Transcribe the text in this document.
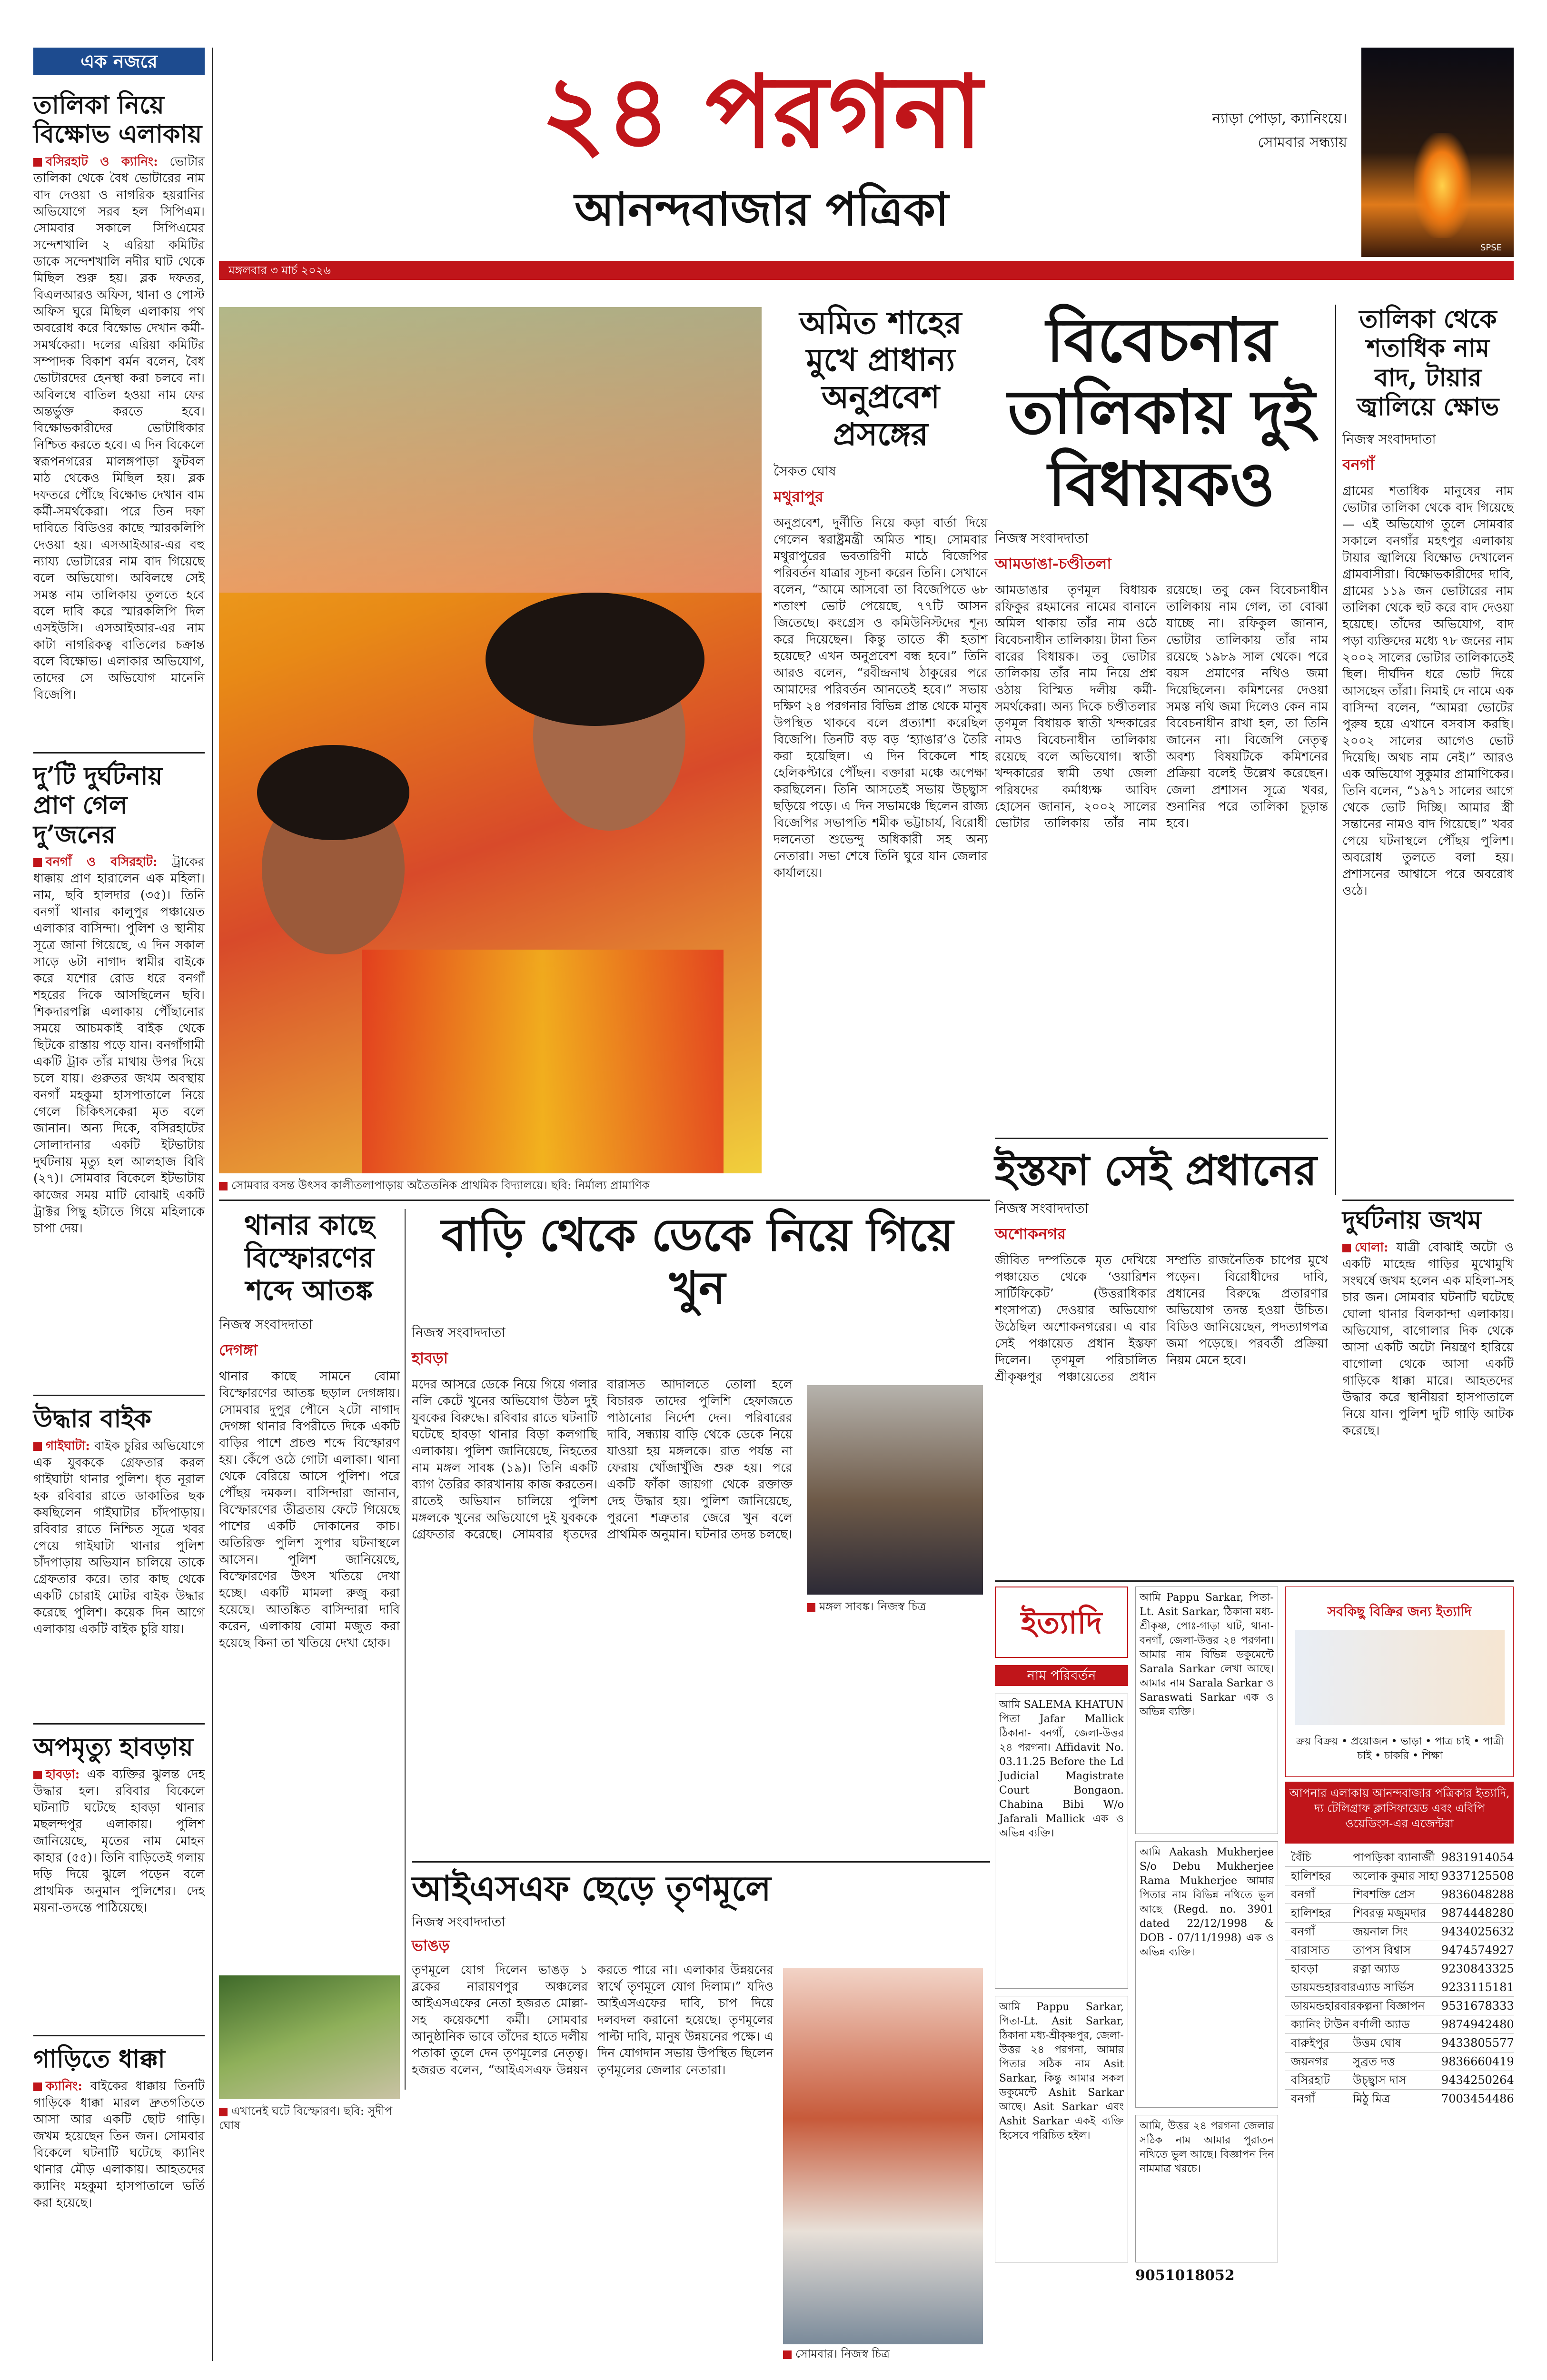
এক নজরে
তালিকা নিয়ে বিক্ষোভ এলাকায়
বসিরহাট ও ক্যানিং: ভোটার তালিকা থেকে বৈধ ভোটারের নাম বাদ দেওয়া ও নাগরিক হয়রানির অভিযোগে সরব হল সিপিএম। সোমবার সকালে সিপিএমের সন্দেশখালি ২ এরিয়া কমিটির ডাকে সন্দেশখালি নদীর ঘাট থেকে মিছিল শুরু হয়। ব্লক দফতর, বিএলআরও অফিস, থানা ও পোস্ট অফিস ঘুরে মিছিল এলাকায় পথ অবরোধ করে বিক্ষোভ দেখান কর্মী-সমর্থকেরা। দলের এরিয়া কমিটির সম্পাদক বিকাশ বর্মন বলেন, বৈধ ভোটারদের হেনস্থা করা চলবে না। অবিলম্বে বাতিল হওয়া নাম ফের অন্তর্ভুক্ত করতে হবে। বিক্ষোভকারীদের ভোটাধিকার নিশ্চিত করতে হবে। এ দিন বিকেলে স্বরূপনগরের মালঙ্গপাড়া ফুটবল মাঠ থেকেও মিছিল হয়। ব্লক দফতরে পৌঁছে বিক্ষোভ দেখান বাম কর্মী-সমর্থকেরা। পরে তিন দফা দাবিতে বিডিওর কাছে স্মারকলিপি দেওয়া হয়। এসআইআর-এর বহু ন্যায্য ভোটারের নাম বাদ গিয়েছে বলে অভিযোগ। অবিলম্বে সেই সমস্ত নাম তালিকায় তুলতে হবে বলে দাবি করে স্মারকলিপি দিল এসইউসি। এসআইআর-এর নাম কাটা নাগরিকত্ব বাতিলের চক্রান্ত বলে বিক্ষোভ। এলাকার অভিযোগ, তাদের সে অভিযোগ মানেনি বিজেপি।
দু’টি দুর্ঘটনায় প্রাণ গেল দু’জনের
বনগাঁ ও বসিরহাট: ট্রাকের ধাক্কায় প্রাণ হারালেন এক মহিলা। নাম, ছবি হালদার (৩৫)। তিনি বনগাঁ থানার কালুপুর পঞ্চায়েত এলাকার বাসিন্দা। পুলিশ ও স্থানীয় সূত্রে জানা গিয়েছে, এ দিন সকাল সাড়ে ৬টা নাগাদ স্বামীর বাইকে করে যশোর রোড ধরে বনগাঁ শহরের দিকে আসছিলেন ছবি। শিকদারপল্লি এলাকায় পৌঁছানোর সময়ে আচমকাই বাইক থেকে ছিটকে রাস্তায় পড়ে যান। বনগাঁগামী একটি ট্রাক তাঁর মাথায় উপর দিয়ে চলে যায়। গুরুতর জখম অবস্থায় বনগাঁ মহকুমা হাসপাতালে নিয়ে গেলে চিকিৎসকেরা মৃত বলে জানান। অন্য দিকে, বসিরহাটের সোলাদানার একটি ইটভাটায় দুর্ঘটনায় মৃত্যু হল আলহাজ বিবি (২৭)। সোমবার বিকেলে ইটভাটায় কাজের সময় মাটি বোঝাই একটি ট্রাক্টর পিছু হটাতে গিয়ে মহিলাকে চাপা দেয়।
উদ্ধার বাইক
গাইঘাটা: বাইক চুরির অভিযোগে এক যুবককে গ্রেফতার করল গাইঘাটা থানার পুলিশ। ধৃত নূরাল হক রবিবার রাতে ডাকাতির ছক কষছিলেন গাইঘাটার চাঁদপাড়ায়। রবিবার রাতে নিশ্চিত সূত্রে খবর পেয়ে গাইঘাটা থানার পুলিশ চাঁদপাড়ায় অভিযান চালিয়ে তাকে গ্রেফতার করে। তার কাছ থেকে একটি চোরাই মোটর বাইক উদ্ধার করেছে পুলিশ। কয়েক দিন আগে এলাকায় একটি বাইক চুরি যায়।
অপমৃত্যু হাবড়ায়
হাবড়া: এক ব্যক্তির ঝুলন্ত দেহ উদ্ধার হল। রবিবার বিকেলে ঘটনাটি ঘটেছে হাবড়া থানার মছলন্দপুর এলাকায়। পুলিশ জানিয়েছে, মৃতের নাম মোহন কাহার (৫৫)। তিনি বাড়িতেই গলায় দড়ি দিয়ে ঝুলে পড়েন বলে প্রাথমিক অনুমান পুলিশের। দেহ ময়না-তদন্তে পাঠিয়েছে।
গাড়িতে ধাক্কা
ক্যানিং: বাইকের ধাক্কায় তিনটি গাড়িকে ধাক্কা মারল দ্রুতগতিতে আসা আর একটি ছোট গাড়ি। জখম হয়েছেন তিন জন। সোমবার বিকেলে ঘটনাটি ঘটেছে ক্যানিং থানার মৌড় এলাকায়। আহতদের ক্যানিং মহকুমা হাসপাতালে ভর্তি করা হয়েছে।
২৪ পরগনা
আনন্দবাজার পত্রিকা
ন্যাড়া পোড়া, ক্যানিংয়ে।
সোমবার সন্ধ্যায়
SPSE
মঙ্গলবার ৩ মার্চ ২০২৬
সোমবার বসন্ত উৎসব কালীতলাপাড়ায় অতৈতনিক প্রাথমিক বিদ্যালয়ে। ছবি: নির্মাল্য প্রামাণিক
অমিত শাহের মুখে প্রাধান্য অনুপ্রবেশ প্রসঙ্গের
সৈকত ঘোষ
মথুরাপুর
অনুপ্রবেশ, দুর্নীতি নিয়ে কড়া বার্তা দিয়ে গেলেন স্বরাষ্ট্রমন্ত্রী অমিত শাহ। সোমবার মথুরাপুরের ভবতারিণী মাঠে বিজেপির পরিবর্তন যাত্রার সূচনা করেন তিনি। সেখানে বলেন, “আমে আসবো তা বিজেপিতে ৬৮ শতাংশ ভোট পেয়েছে, ৭৭টি আসন জিতেছে। কংগ্রেস ও কমিউনিস্টদের শূন্য করে দিয়েছেন। কিন্তু তাতে কী হতাশ হয়েছে? এখন অনুপ্রবেশ বন্ধ হবে।” তিনি আরও বলেন, “রবীন্দ্রনাথ ঠাকুরের পরে আমাদের পরিবর্তন আনতেই হবে।” সভায় দক্ষিণ ২৪ পরগনার বিভিন্ন প্রান্ত থেকে মানুষ উপস্থিত থাকবে বলে প্রত্যাশা করেছিল বিজেপি। তিনটি বড় বড় ‘হ্যাঙার’ও তৈরি করা হয়েছিল। এ দিন বিকেলে শাহ হেলিকপ্টারে পৌঁছন। বক্তারা মঞ্চে অপেক্ষা করছিলেন। তিনি আসতেই সভায় উচ্ছ্বাস ছড়িয়ে পড়ে। এ দিন সভামঞ্চে ছিলেন রাজ্য বিজেপির সভাপতি শমীক ভট্টাচার্য, বিরোধী দলনেতা শুভেন্দু অধিকারী সহ অন্য নেতারা। সভা শেষে তিনি ঘুরে যান জেলার কার্যালয়ে।
বিবেচনার তালিকায় দুই বিধায়কও
নিজস্ব সংবাদদাতা
আমডাঙা-চণ্ডীতলা
আমডাঙার তৃণমূল বিধায়ক রফিকুর রহমানের নামের বানানে অমিল থাকায় তাঁর নাম ওঠে বিবেচনাধীন তালিকায়। টানা তিন বারের বিধায়ক। তবু ভোটার তালিকায় তাঁর নাম নিয়ে প্রশ্ন ওঠায় বিস্মিত দলীয় কর্মী-সমর্থকেরা। অন্য দিকে চণ্ডীতলার তৃণমূল বিধায়ক স্বাতী খন্দকারের নামও বিবেচনাধীন তালিকায় রয়েছে বলে অভিযোগ। স্বাতী খন্দকারের স্বামী তথা জেলা পরিষদের কর্মাধ্যক্ষ আবিদ হোসেন জানান, ২০০২ সালের ভোটার তালিকায় তাঁর নাম রয়েছে। তবু কেন বিবেচনাধীন তালিকায় নাম গেল, তা বোঝা যাচ্ছে না। রফিকুল জানান, ভোটার তালিকায় তাঁর নাম রয়েছে ১৯৮৯ সাল থেকে। পরে বয়স প্রমাণের নথিও জমা দিয়েছিলেন। কমিশনের দেওয়া সমস্ত নথি জমা দিলেও কেন নাম বিবেচনাধীন রাখা হল, তা তিনি জানেন না। বিজেপি নেতৃত্ব অবশ্য বিষয়টিকে কমিশনের প্রক্রিয়া বলেই উল্লেখ করেছেন। জেলা প্রশাসন সূত্রে খবর, শুনানির পরে তালিকা চূড়ান্ত হবে।
তালিকা থেকে শতাধিক নাম বাদ, টায়ার জ্বালিয়ে ক্ষোভ
নিজস্ব সংবাদদাতা
বনগাঁ
গ্রামের শতাধিক মানুষের নাম ভোটার তালিকা থেকে বাদ গিয়েছে— এই অভিযোগ তুলে সোমবার সকালে বনগাঁর মহৎপুর এলাকায় টায়ার জ্বালিয়ে বিক্ষোভ দেখালেন গ্রামবাসীরা। বিক্ষোভকারীদের দাবি, গ্রামের ১১৯ জন ভোটারের নাম তালিকা থেকে হুট করে বাদ দেওয়া হয়েছে। তাঁদের অভিযোগ, বাদ পড়া ব্যক্তিদের মধ্যে ৭৮ জনের নাম ২০০২ সালের ভোটার তালিকাতেই ছিল। দীর্ঘদিন ধরে ভোট দিয়ে আসছেন তাঁরা। নিমাই দে নামে এক বাসিন্দা বলেন, “আমরা ভোটের পুরুষ হয়ে এখানে বসবাস করছি। ২০০২ সালের আগেও ভোট দিয়েছি। অথচ নাম নেই।” আরও এক অভিযোগ সুকুমার প্রামাণিকের। তিনি বলেন, “১৯৭১ সালের আগে থেকে ভোট দিচ্ছি। আমার স্ত্রী সন্তানের নামও বাদ গিয়েছে।” খবর পেয়ে ঘটনাস্থলে পৌঁছয় পুলিশ। অবরোধ তুলতে বলা হয়। প্রশাসনের আশ্বাসে পরে অবরোধ ওঠে।
ইস্তফা সেই প্রধানের
নিজস্ব সংবাদদাতা
অশোকনগর
জীবিত দম্পতিকে মৃত দেখিয়ে পঞ্চায়েত থেকে ‘ওয়ারিশন সার্টিফিকেট’ (উত্তরাধিকার শংসাপত্র) দেওয়ার অভিযোগ উঠেছিল অশোকনগরের। এ বার সেই পঞ্চায়েত প্রধান ইস্তফা দিলেন। তৃণমূল পরিচালিত শ্রীকৃষ্ণপুর পঞ্চায়েতের প্রধান সম্প্রতি রাজনৈতিক চাপের মুখে পড়েন। বিরোধীদের দাবি, প্রধানের বিরুদ্ধে প্রতারণার অভিযোগ তদন্ত হওয়া উচিত। বিডিও জানিয়েছেন, পদত্যাগপত্র জমা পড়েছে। পরবর্তী প্রক্রিয়া নিয়ম মেনে হবে।
থানার কাছে বিস্ফোরণের শব্দে আতঙ্ক
নিজস্ব সংবাদদাতা
দেগঙ্গা
থানার কাছে সামনে বোমা বিস্ফোরণের আতঙ্ক ছড়াল দেগঙ্গায়। সোমবার দুপুর পৌনে ২টো নাগাদ দেগঙ্গা থানার বিপরীতে দিকে একটি বাড়ির পাশে প্রচণ্ড শব্দে বিস্ফোরণ হয়। কেঁপে ওঠে গোটা এলাকা। থানা থেকে বেরিয়ে আসে পুলিশ। পরে পৌঁছয় দমকল। বাসিন্দারা জানান, বিস্ফোরণের তীব্রতায় ফেটে গিয়েছে পাশের একটি দোকানের কাচ। অতিরিক্ত পুলিশ সুপার ঘটনাস্থলে আসেন। পুলিশ জানিয়েছে, বিস্ফোরণের উৎস খতিয়ে দেখা হচ্ছে। একটি মামলা রুজু করা হয়েছে। আতঙ্কিত বাসিন্দারা দাবি করেন, এলাকায় বোমা মজুত করা হয়েছে কিনা তা খতিয়ে দেখা হোক।
এখানেই ঘটে বিস্ফোরণ। ছবি: সুদীপ ঘোষ
বাড়ি থেকে ডেকে নিয়ে গিয়ে খুন
নিজস্ব সংবাদদাতা
হাবড়া
মদের আসরে ডেকে নিয়ে গিয়ে গলার নলি কেটে খুনের অভিযোগ উঠল দুই যুবকের বিরুদ্ধে। রবিবার রাতে ঘটনাটি ঘটেছে হাবড়া থানার বিড়া কলগাছি এলাকায়। পুলিশ জানিয়েছে, নিহতের নাম মঙ্গল সাবঙ্ক (১৯)। তিনি একটি ব্যাগ তৈরির কারখানায় কাজ করতেন। রাতেই অভিযান চালিয়ে পুলিশ মঙ্গলকে খুনের অভিযোগে দুই যুবককে গ্রেফতার করেছে। সোমবার ধৃতদের বারাসত আদালতে তোলা হলে বিচারক তাদের পুলিশি হেফাজতে পাঠানোর নির্দেশ দেন। পরিবারের দাবি, সন্ধ্যায় বাড়ি থেকে ডেকে নিয়ে যাওয়া হয় মঙ্গলকে। রাত পর্যন্ত না ফেরায় খোঁজাখুঁজি শুরু হয়। পরে একটি ফাঁকা জায়গা থেকে রক্তাক্ত দেহ উদ্ধার হয়। পুলিশ জানিয়েছে, পুরনো শত্রুতার জেরে খুন বলে প্রাথমিক অনুমান। ঘটনার তদন্ত চলছে।
মঙ্গল সাবঙ্ক। নিজস্ব চিত্র
আইএসএফ ছেড়ে তৃণমূলে
নিজস্ব সংবাদদাতা
ভাঙড়
তৃণমূলে যোগ দিলেন ভাঙড় ১ ব্লকের নারায়ণপুর অঞ্চলের আইএসএফের নেতা হজরত মোল্লা-সহ কয়েকশো কর্মী। সোমবার আনুষ্ঠানিক ভাবে তাঁদের হাতে দলীয় পতাকা তুলে দেন তৃণমূলের নেতৃত্ব। হজরত বলেন, “আইএসএফ উন্নয়ন করতে পারে না। এলাকার উন্নয়নের স্বার্থে তৃণমূলে যোগ দিলাম।” যদিও আইএসএফের দাবি, চাপ দিয়ে দলবদল করানো হয়েছে। তৃণমূলের পাল্টা দাবি, মানুষ উন্নয়নের পক্ষে। এ দিন যোগদান সভায় উপস্থিত ছিলেন তৃণমূলের জেলার নেতারা।
সোমবার। নিজস্ব চিত্র
দুর্ঘটনায় জখম
ঘোলা: যাত্রী বোঝাই অটো ও একটি মাহেন্দ্র গাড়ির মুখোমুখি সংঘর্ষে জখম হলেন এক মহিলা-সহ চার জন। সোমবার ঘটনাটি ঘটেছে ঘোলা থানার বিলকান্দা এলাকায়। অভিযোগ, বাগোলার দিক থেকে আসা একটি অটো নিয়ন্ত্রণ হারিয়ে বাগোলা থেকে আসা একটি গাড়িকে ধাক্কা মারে। আহতদের উদ্ধার করে স্থানীয়রা হাসপাতালে নিয়ে যান। পুলিশ দুটি গাড়ি আটক করেছে।
ইত্যাদি
নাম পরিবর্তন
আমি SALEMA KHATUN পিতা Jafar Mallick ঠিকানা- বনগাঁ, জেলা-উত্তর ২৪ পরগনা। Affidavit No. 03.11.25 Before the Ld Judicial Magistrate Court Bongaon. Chabina Bibi W/o Jafarali Mallick এক ও অভিন্ন ব্যক্তি।
আমি Pappu Sarkar, পিতা-Lt. Asit Sarkar, ঠিকানা মধ্য-শ্রীকৃষ্ণ, পোঃ-গাড়া ঘাট, থানা-বনগাঁ, জেলা-উত্তর ২৪ পরগনা। আমার নাম বিভিন্ন ডকুমেন্টে Sarala Sarkar লেখা আছে। আমার নাম Sarala Sarkar ও Saraswati Sarkar এক ও অভিন্ন ব্যক্তি।
আমি Pappu Sarkar, পিতা-Lt. Asit Sarkar, ঠিকানা মধ্য-শ্রীকৃষ্ণপুর, জেলা-উত্তর ২৪ পরগনা, আমার পিতার সঠিক নাম Asit Sarkar, কিন্তু আমার সকল ডকুমেন্টে Ashit Sarkar আছে। Asit Sarkar এবং Ashit Sarkar একই ব্যক্তি হিসেবে পরিচিত হইল।
আমি Aakash Mukherjee S/o Debu Mukherjee Rama Mukherjee আমার পিতার নাম বিভিন্ন নথিতে ভুল আছে (Regd. no. 3901 dated 22/12/1998 & DOB - 07/11/1998) এক ও অভিন্ন ব্যক্তি।
আমি, উত্তর ২৪ পরগনা জেলার সঠিক নাম আমার পুরাতন নথিতে ভুল আছে। বিজ্ঞাপন দিন নামমাত্র খরচে।
9051018052
সবকিছু বিক্রির জন্য ইত্যাদি
ক্রয় বিক্রয় • প্রয়োজন • ভাড়া • পাত্র চাই • পাত্রী চাই • চাকরি • শিক্ষা
আপনার এলাকায় আনন্দবাজার পত্রিকার ইত্যাদি, দ্য টেলিগ্রাফ ক্লাসিফায়েড এবং এবিপি ওয়েডিংস-এর এজেন্টরা
বৈঁচি	পাপড়িকা ব্যানার্জী 9831914054
হালিশহর	অলোক কুমার সাহা 9337125508
বনগাঁ	শিবশক্তি প্রেস	9836048288
হালিশহর	শিবরত্ন মজুমদার	9874448280
বনগাঁ	জয়নাল সিং	9434025632
বারাসাত	তাপস বিশ্বাস	9474574927
হাবড়া	রত্না অ্যাড	9230843325
ডায়মন্ডহারবার এ্যাড সার্ভিস	9233115181
ডায়মন্ডহারবার কল্পনা বিজ্ঞাপন	9531678333
ক্যানিং টাউন বর্ণালী অ্যাড	9874942480
বারুইপুর	উত্তম ঘোষ	9433805577
জয়নগর	সুব্রত দত্ত	9836660419
বসিরহাট	উচ্ছ্বাস দাস	9434250264
বনগাঁ	মিঠু মিত্র	7003454486
